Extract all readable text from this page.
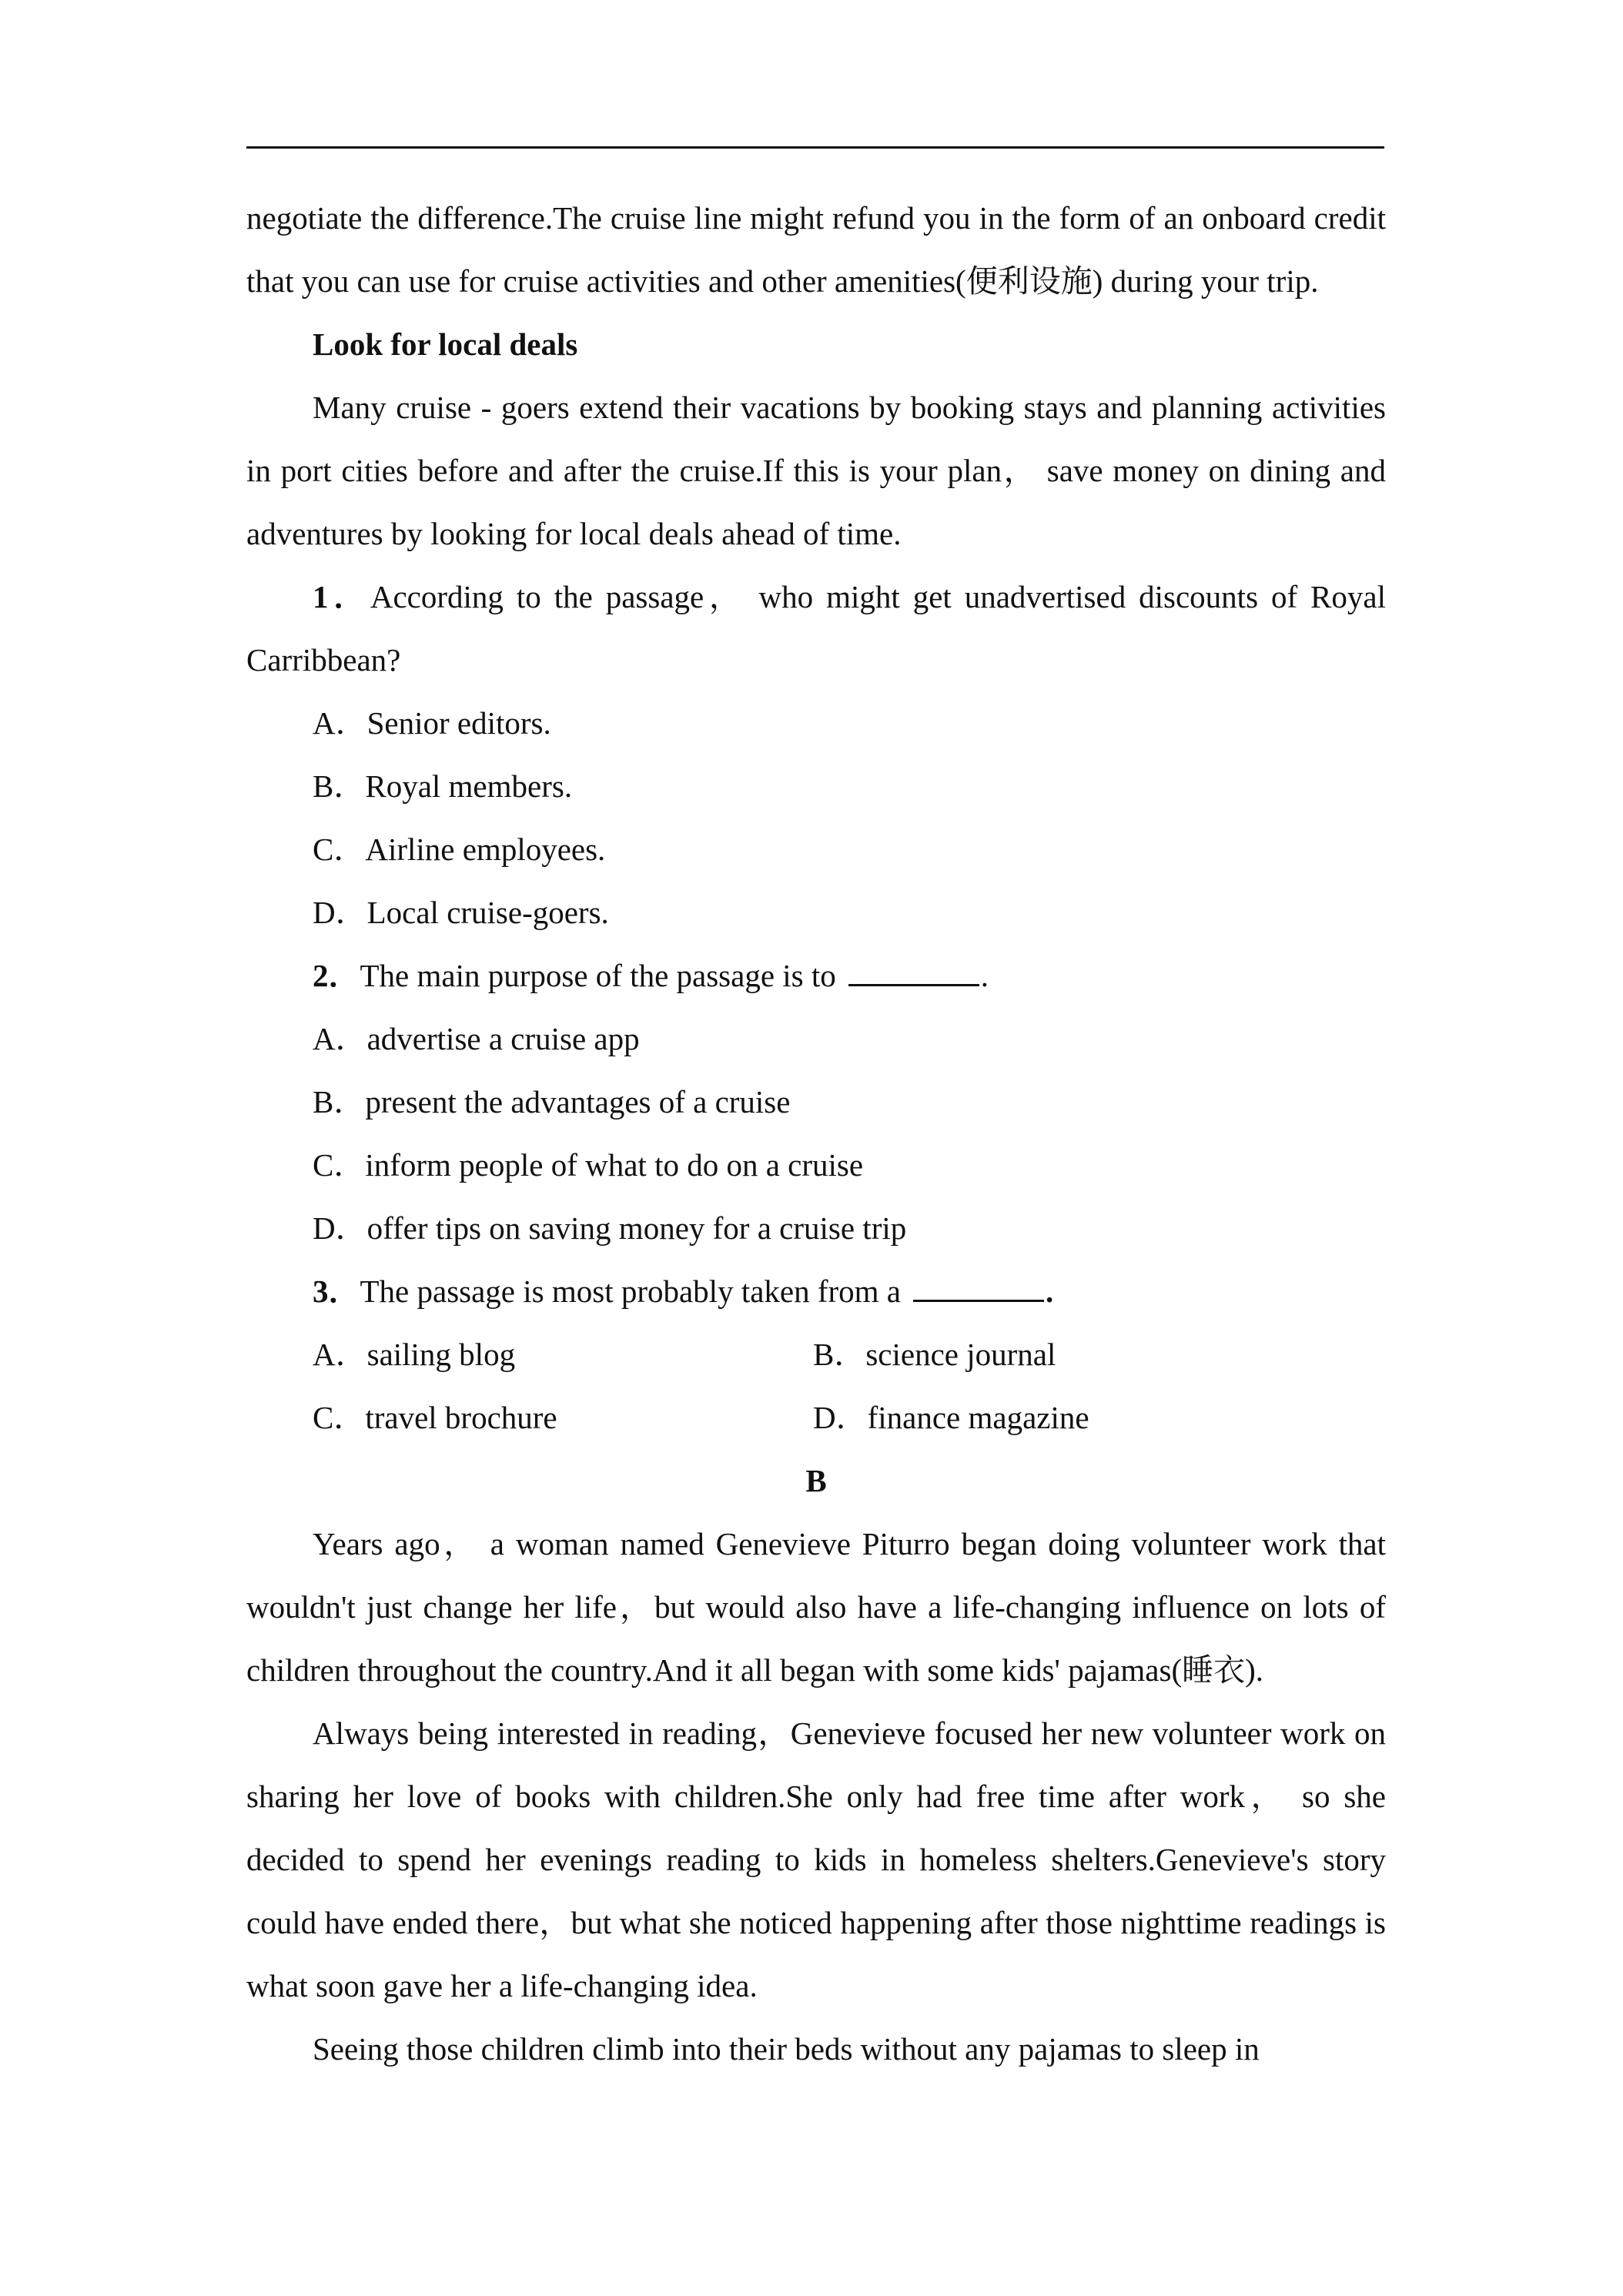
negotiate the difference.The cruise line might refund you in the form of an onboard credit that you can use for cruise activities and other amenities(便利设施) during your trip.

Look for local deals

Many cruise - goers extend their vacations by booking stays and planning activities in port cities before and after the cruise.If this is your plan， save money on dining and adventures by looking for local deals ahead of time.

1．According to the passage， who might get unadvertised discounts of Royal Carribbean?

A．Senior editors.

B．Royal members.

C．Airline employees.

D．Local cruise‑goers.

2．The main purpose of the passage is to	.

A．advertise a cruise app

B．present the advantages of a cruise

C．inform people of what to do on a cruise

D．offer tips on saving money for a cruise trip

3．The passage is most probably taken from a	.

A．sailing blog	B．science journal
C．travel brochure	D．finance magazine

B

Years ago， a woman named Genevieve Piturro began doing volunteer work that wouldn't just change her life，but would also have a life‑changing influence on lots of children throughout the country.And it all began with some kids' pajamas(睡衣).

Always being interested in reading，Genevieve focused her new volunteer work on sharing her love of books with children.She only had free time after work， so she decided to spend her evenings reading to kids in homeless shelters.Genevieve's story could have ended there，but what she noticed happening after those nighttime readings is what soon gave her a life-changing idea.

Seeing those children climb into their beds without any pajamas to sleep in
